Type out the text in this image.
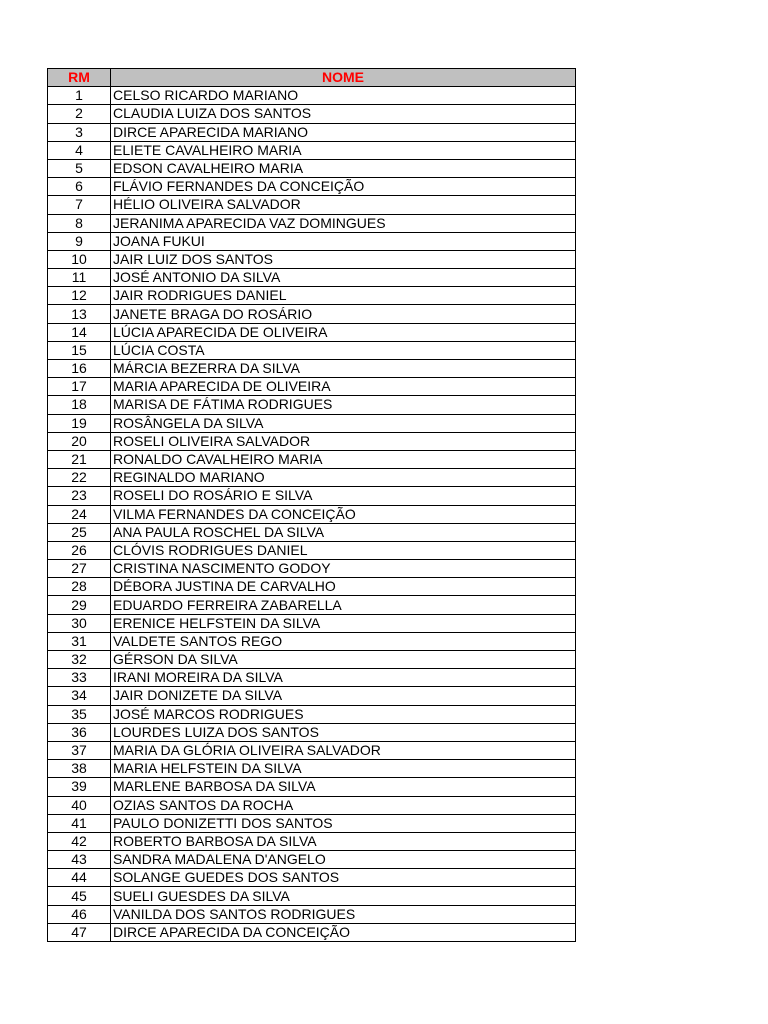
RM	NOME
1	CELSO RICARDO MARIANO
2	CLAUDIA LUIZA DOS SANTOS
3	DIRCE APARECIDA MARIANO
4	ELIETE CAVALHEIRO MARIA
5	EDSON CAVALHEIRO MARIA
6	FLÁVIO FERNANDES DA CONCEIÇÃO
7	HÉLIO OLIVEIRA SALVADOR
8	JERANIMA APARECIDA VAZ DOMINGUES
9	JOANA FUKUI
10	JAIR LUIZ DOS SANTOS
11	JOSÉ ANTONIO DA SILVA
12	JAIR RODRIGUES DANIEL
13	JANETE BRAGA DO ROSÁRIO
14	LÚCIA APARECIDA DE OLIVEIRA
15	LÚCIA COSTA
16	MÁRCIA BEZERRA DA SILVA
17	MARIA APARECIDA DE OLIVEIRA
18	MARISA DE FÁTIMA RODRIGUES
19	ROSÂNGELA DA SILVA
20	ROSELI OLIVEIRA SALVADOR
21	RONALDO CAVALHEIRO MARIA
22	REGINALDO MARIANO
23	ROSELI DO ROSÁRIO E SILVA
24	VILMA FERNANDES DA CONCEIÇÃO
25	ANA PAULA ROSCHEL DA SILVA
26	CLÓVIS RODRIGUES DANIEL
27	CRISTINA NASCIMENTO GODOY
28	DÉBORA JUSTINA DE CARVALHO
29	EDUARDO FERREIRA ZABARELLA
30	ERENICE HELFSTEIN DA SILVA
31	VALDETE SANTOS REGO
32	GÉRSON DA SILVA
33	IRANI MOREIRA DA SILVA
34	JAIR DONIZETE DA SILVA
35	JOSÉ MARCOS RODRIGUES
36	LOURDES LUIZA DOS SANTOS
37	MARIA DA GLÓRIA OLIVEIRA SALVADOR
38	MARIA HELFSTEIN DA SILVA
39	MARLENE BARBOSA DA SILVA
40	OZIAS SANTOS DA ROCHA
41	PAULO DONIZETTI DOS SANTOS
42	ROBERTO BARBOSA DA SILVA
43	SANDRA MADALENA D'ANGELO
44	SOLANGE GUEDES DOS SANTOS
45	SUELI GUESDES DA SILVA
46	VANILDA DOS SANTOS RODRIGUES
47	DIRCE APARECIDA DA CONCEIÇÃO
